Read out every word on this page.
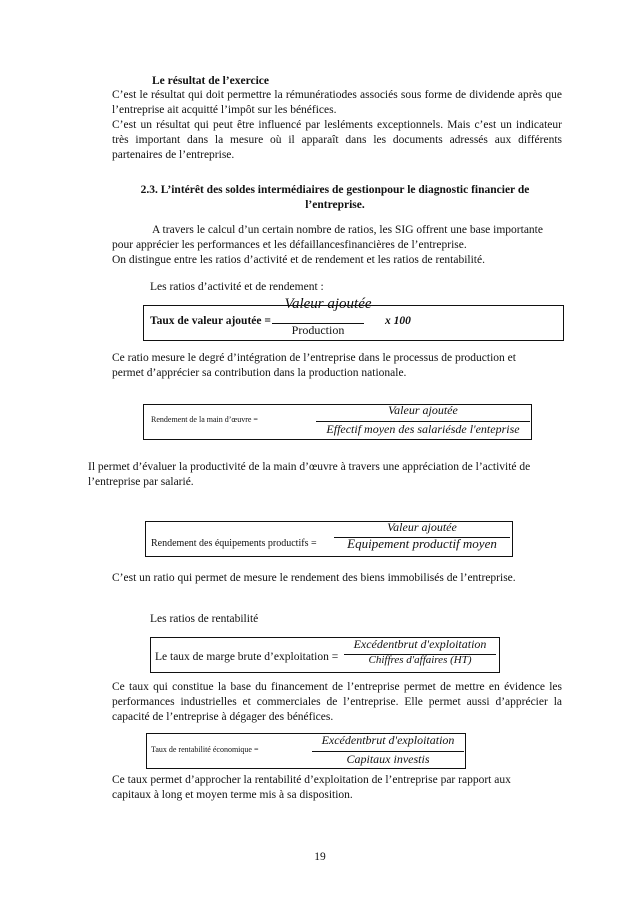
Le résultat de l’exercice
C’est le résultat qui doit permettre la rémunératiodes associés sous forme de dividende après que l’entreprise ait acquitté l’impôt sur les bénéfices.
C’est un résultat qui peut être influencé par lesléments exceptionnels. Mais c’est un indicateur très important dans la mesure où il apparaît dans les documents adressés aux différents partenaires de l’entreprise.
2.3. L’intérêt des soldes intermédiaires de gestionpour le diagnostic financier de l’entreprise.
A travers le calcul d’un certain nombre de ratios, les SIG offrent une base importante
pour apprécier les performances et les défaillancesfinancières de l’entreprise.
On distingue entre les ratios d’activité et de rendement et les ratios de rentabilité.
Les ratios d’activité et de rendement :
Taux de valeur ajoutée =
Valeur ajoutée
Production
x 100
Ce ratio mesure le degré d’intégration de l’entreprise dans le processus de production et
permet d’apprécier sa contribution dans la production nationale.
Rendement de la main d’œuvre =
Valeur ajoutée
Effectif moyen des salariésde l'enteprise
Il permet d’évaluer la productivité de la main d’œuvre à travers une appréciation de l’activité de
l’entreprise par salarié.
Rendement des équipements productifs =
Valeur ajoutée
Equipement productif moyen
C’est un ratio qui permet de mesure le rendement des biens immobilisés de l’entreprise.
Les ratios de rentabilité
Le taux de marge brute d’exploitation =
Excédentbrut d'exploitation
Chiffres d'affaires (HT)
Ce taux qui constitue la base du financement de l’entreprise permet de mettre en évidence les performances industrielles et commerciales de l’entreprise. Elle permet aussi d’apprécier la capacité de l’entreprise à dégager des bénéfices.
Taux de rentabilité économique =
Excédentbrut d'exploitation
Capitaux investis
Ce taux permet d’approcher la rentabilité d’exploitation de l’entreprise par rapport aux
capitaux à long et moyen terme mis à sa disposition.
19
